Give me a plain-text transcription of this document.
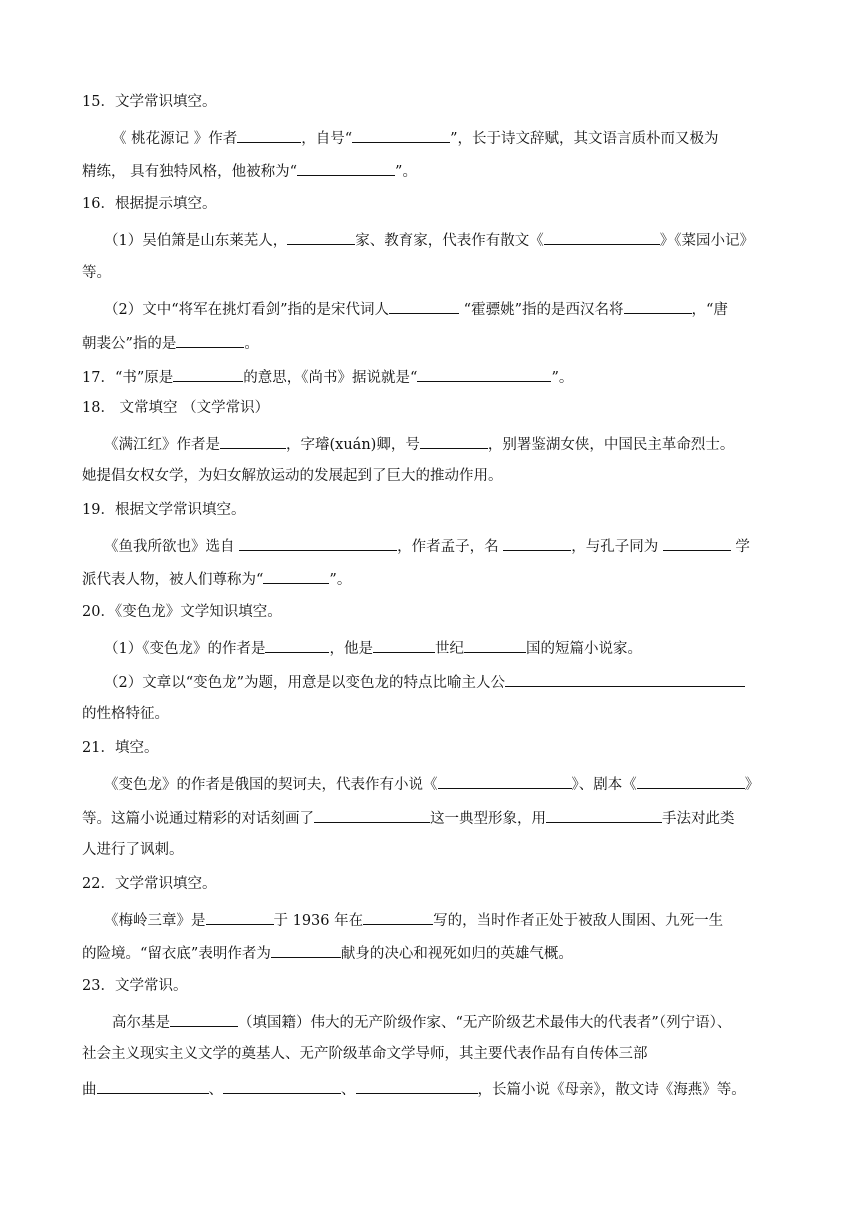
15．文学常识填空。
《 桃花源记 》作者	，自号“	”，长于诗文辞赋，其文语言质朴而又极为
精练， 具有独特风格，他被称为“	”。
16．根据提示填空。
（1）吴伯箫是山东莱芜人，	家、教育家，代表作有散文《	》《菜园小记》
等。
（2）文中“将军在挑灯看剑”指的是宋代词人	“霍骠姚”指的是西汉名将	，“唐
朝裴公”指的是	。
17．“书”原是	的意思，《尚书》据说就是“	”。
18． 文常填空 （文学常识）
《满江红》作者是	，字璿(xuán)卿，号	，别署鉴湖女侠，中国民主革命烈士。
她提倡女权女学，为妇女解放运动的发展起到了巨大的推动作用。
19．根据文学常识填空。
《鱼我所欲也》选自	，作者孟子，名	，与孔子同为	学
派代表人物，被人们尊称为“	”。
20．《变色龙》文学知识填空。
（1）《变色龙》的作者是	，他是	世纪	国的短篇小说家。
（2）文章以“变色龙”为题，用意是以变色龙的特点比喻主人公
的性格特征。
21．填空。
《变色龙》的作者是俄国的契诃夫，代表作有小说《	》、剧本《	》
等。这篇小说通过精彩的对话刻画了	这一典型形象，用	手法对此类
人进行了讽刺。
22．文学常识填空。
《梅岭三章》是	于 1936 年在	写的，当时作者正处于被敌人围困、九死一生
的险境。“留衣底”表明作者为	献身的决心和视死如归的英雄气概。
23．文学常识。
高尔基是	（填国籍）伟大的无产阶级作家、“无产阶级艺术最伟大的代表者”（列宁语）、
社会主义现实主义文学的奠基人、无产阶级革命文学导师，其主要代表作品有自传体三部
曲	、	、	，长篇小说《母亲》，散文诗《海燕》等。
